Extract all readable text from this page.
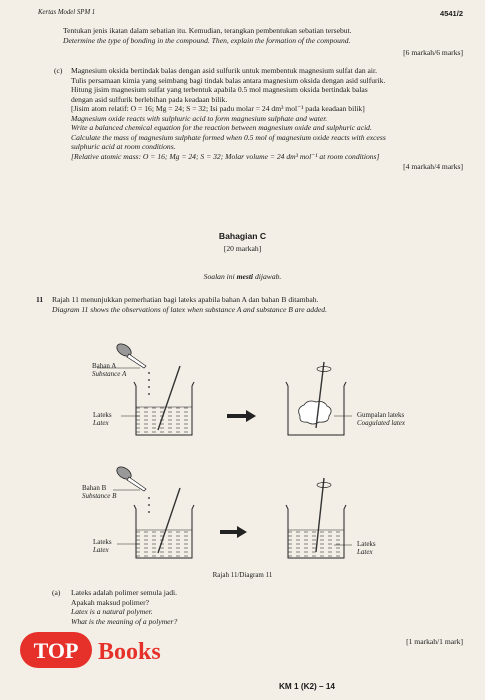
Kertas Model SPM 1	4541/2
Tentukan jenis ikatan dalam sebatian itu. Kemudian, terangkan pembentukan sebatian tersebut.
Determine the type of bonding in the compound. Then, explain the formation of the compound.
[6 markah/6 marks]
(c) Magnesium oksida bertindak balas dengan asid sulfurik untuk membentuk magnesium sulfat dan air.
Tulis persamaan kimia yang seimbang bagi tindak balas antara magnesium oksida dengan asid sulfurik.
Hitung jisim magnesium sulfat yang terbentuk apabila 0.5 mol magnesium oksida bertindak balas
dengan asid sulfurik berlebihan pada keadaan bilik.
[Jisim atom relatif: O = 16; Mg = 24; S = 32; Isi padu molar = 24 dm³ mol⁻¹ pada keadaan bilik]
Magnesium oxide reacts with sulphuric acid to form magnesium sulphate and water.
Write a balanced chemical equation for the reaction between magnesium oxide and sulphuric acid.
Calculate the mass of magnesium sulphate formed when 0.5 mol of magnesium oxide reacts with excess
sulphuric acid at room conditions.
[Relative atomic mass: O = 16; Mg = 24; S = 32; Molar volume = 24 dm³ mol⁻¹ at room conditions]
[4 markah/4 marks]
Bahagian C
[20 markah]
Soalan ini mesti dijawab.
11 Rajah 11 menunjukkan pemerhatian bagi lateks apabila bahan A dan bahan B ditambah.
Diagram 11 shows the observations of latex when substance A and substance B are added.
Bahan A
Substance A
Lateks
Latex
Gumpalan lateks
Coagulated latex
Bahan B
Substance B
Lateks
Latex
Lateks
Latex
Rajah 11/Diagram 11
(a) Lateks adalah polimer semula jadi.
Apakah maksud polimer?
Latex is a natural polymer.
What is the meaning of a polymer?
[1 markah/1 mark]
TOP Books
KM 1 (K2) – 14
